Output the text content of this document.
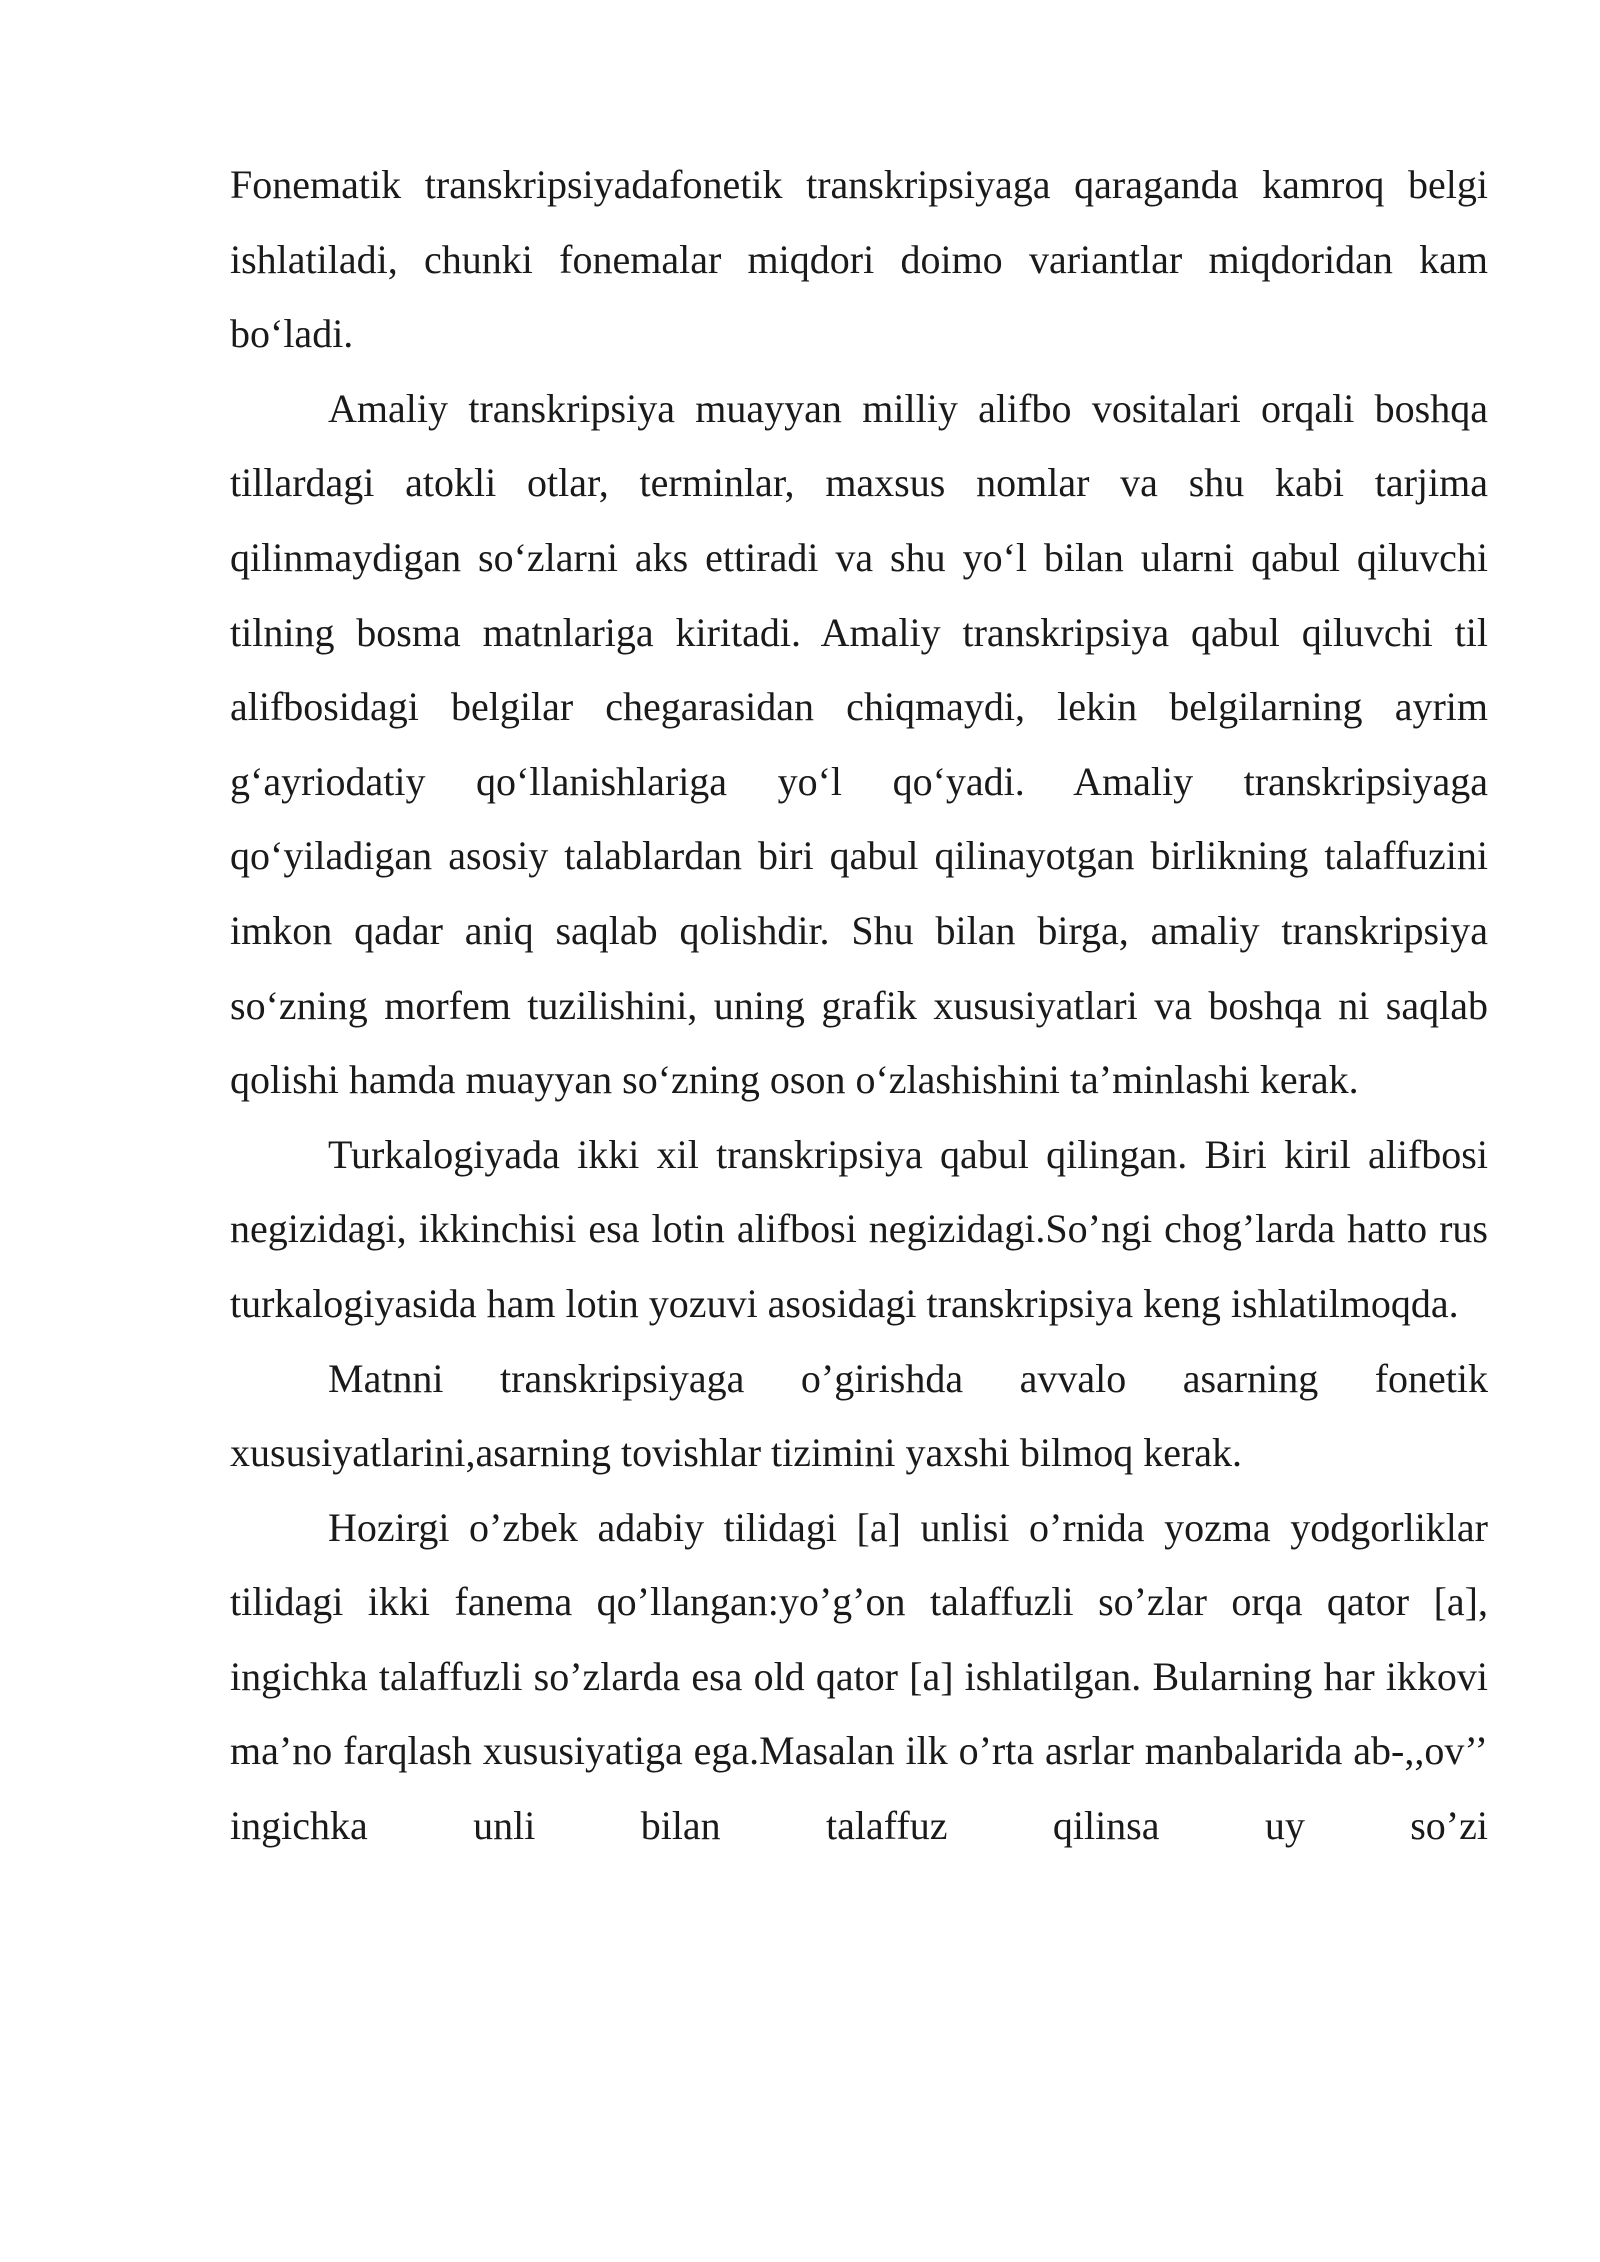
Fonematik transkripsiyadafonetik transkripsiyaga qaraganda kamroq belgi ishlatiladi, chunki fonemalar miqdori doimo variantlar miqdoridan kam bo‘ladi.

Amaliy transkripsiya muayyan milliy alifbo vositalari orqali boshqa tillardagi atokli otlar, terminlar, maxsus nomlar va shu kabi tarjima qilinmaydigan so‘zlarni aks ettiradi va shu yo‘l bilan ularni qabul qiluvchi tilning bosma matnlariga kiritadi. Amaliy transkripsiya qabul qiluvchi til alifbosidagi belgilar chegarasidan chiqmaydi, lekin belgilarning ayrim g‘ayriodatiy qo‘llanishlariga yo‘l qo‘yadi. Amaliy transkripsiyaga qo‘yiladigan asosiy talablardan biri qabul qilinayotgan birlikning talaffuzini imkon qadar aniq saqlab qolishdir. Shu bilan birga, amaliy transkripsiya so‘zning morfem tuzilishini, uning grafik xususiyatlari va boshqa ni saqlab qolishi hamda muayyan so‘zning oson o‘zlashishini ta’minlashi kerak.

Turkalogiyada ikki xil transkripsiya qabul qilingan. Biri kiril alifbosi negizidagi, ikkinchisi esa lotin alifbosi negizidagi.So’ngi chog’larda hatto rus turkalogiyasida ham lotin yozuvi asosidagi transkripsiya keng ishlatilmoqda.

Matnni transkripsiyaga o’girishda avvalo asarning fonetik xususiyatlarini,asarning tovishlar tizimini yaxshi bilmoq kerak.

Hozirgi o’zbek adabiy tilidagi [a] unlisi o’rnida yozma yodgorliklar tilidagi ikki fanema qo’llangan:yo’g’on talaffuzli so’zlar orqa qator [a], ingichka talaffuzli so’zlarda esa old qator [a] ishlatilgan. Bularning har ikkovi ma’no farqlash xususiyatiga ega.Masalan ilk o’rta asrlar manbalarida ab-,,ov’’ ingichka unli bilan talaffuz qilinsa uy so’zi
